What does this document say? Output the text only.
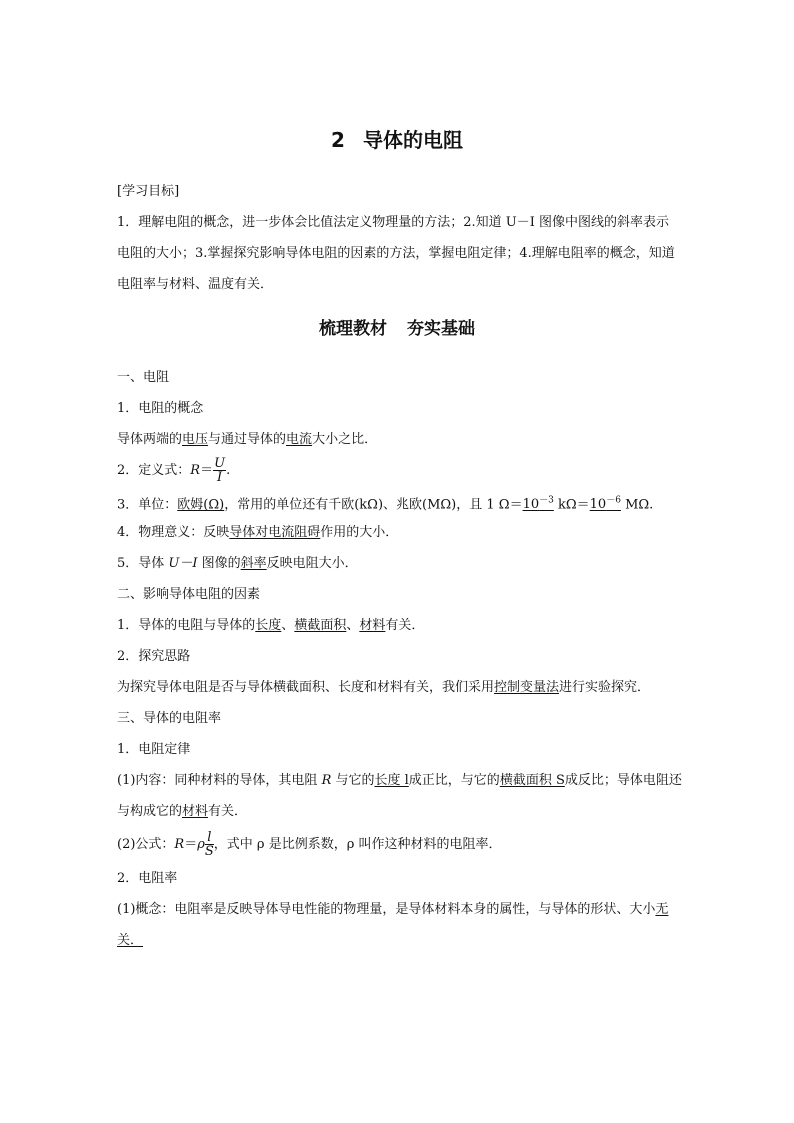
2 导体的电阻
[学习目标]
1．理解电阻的概念，进一步体会比值法定义物理量的方法；2.知道 U－I 图像中图线的斜率表示电阻的大小；3.掌握探究影响导体电阻的因素的方法，掌握电阻定律；4.理解电阻率的概念，知道电阻率与材料、温度有关．
梳理教材 夯实基础
一、电阻
1．电阻的概念
导体两端的电压与通过导体的电流大小之比．
2．定义式：$R= \frac{U}{I}$ .
3．单位：欧姆(Ω)，常用的单位还有千欧(kΩ)、兆欧(MΩ)，且 1 $\Omega=10^{-3}$ $k\Omega=10^{-6}$ MΩ.
4．物理意义：反映导体对电流阻碍作用的大小．
5．导体 U－I 图像的斜率反映电阻大小．
二、影响导体电阻的因素
1．导体的电阻与导体的长度、横截面积、材料有关．
2．探究思路
为探究导体电阻是否与导体横截面积、长度和材料有关，我们采用控制变量法进行实验探究．
三、导体的电阻率
1．电阻定律
(1)内容：同种材料的导体，其电阻 R 与它的长度 l成正比，与它的横截面积 S成反比；导体电阻还与构成它的材料有关．
(2)公式：$R=\rho \frac{l}{S}$ ，式中 ρ 是比例系数，ρ 叫作这种材料的电阻率．
2．电阻率
(1)概念：电阻率是反映导体导电性能的物理量，是导体材料本身的属性，与导体的形状、大小无关．
